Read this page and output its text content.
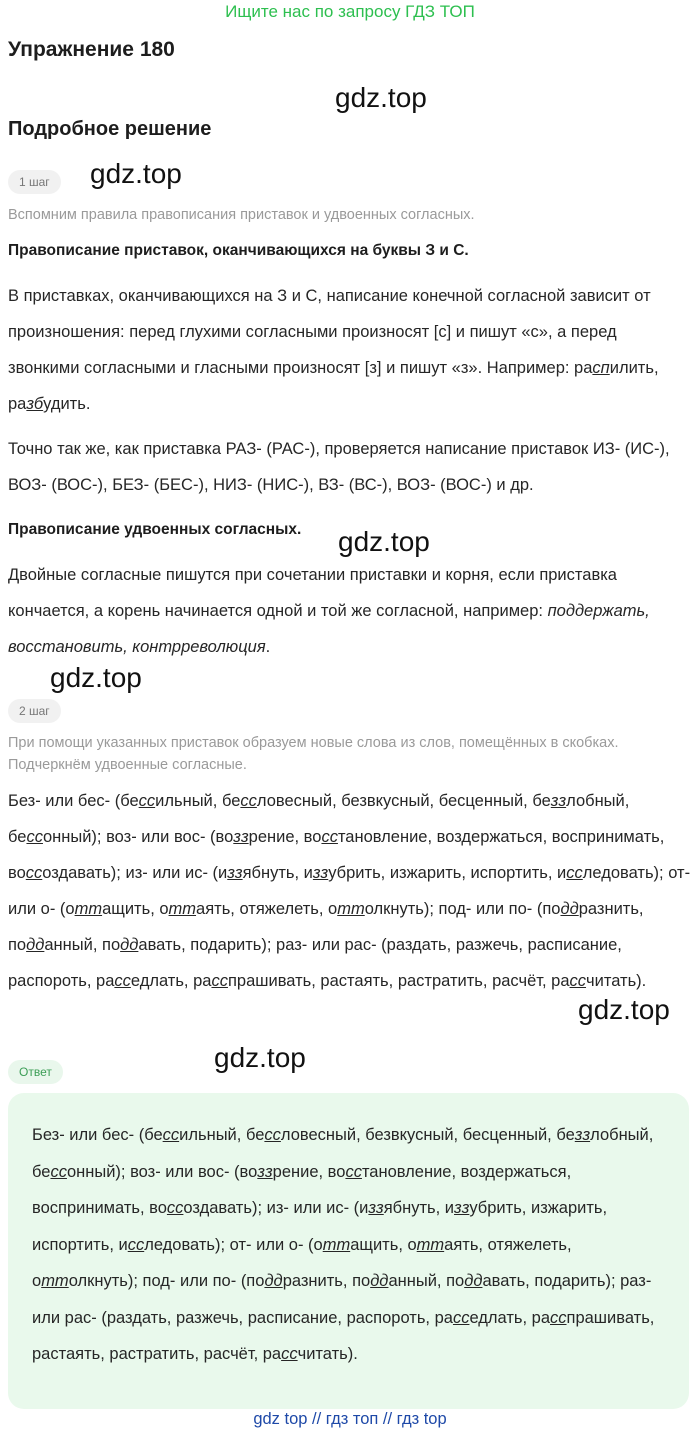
Ищите нас по запросу ГДЗ ТОП
Упражнение 180
gdz.top
Подробное решение
1 шаг	gdz.top
Вспомним правила правописания приставок и удвоенных согласных.
Правописание приставок, оканчивающихся на буквы З и С.
В приставках, оканчивающихся на З и С, написание конечной согласной зависит от произношения: перед глухими согласными произносят [с] и пишут «с», а перед звонкими согласными и гласными произносят [з] и пишут «з». Например: распилить, разбудить.
Точно так же, как приставка РАЗ- (РАС-), проверяется написание приставок ИЗ- (ИС-), ВОЗ- (ВОС-), БЕЗ- (БЕС-), НИЗ- (НИС-), ВЗ- (ВС-), ВОЗ- (ВОС-) и др.
Правописание удвоенных согласных. gdz.top
Двойные согласные пишутся при сочетании приставки и корня, если приставка кончается, а корень начинается одной и той же согласной, например: поддержать, восстановить, контрреволюция.
gdz.top
2 шаг
При помощи указанных приставок образуем новые слова из слов, помещённых в скобках. Подчеркнём удвоенные согласные.
Без- или бес- (бессильный, бессловесный, безвкусный, бесценный, беззлобный, бессонный); воз- или вос- (воззрение, восстановление, воздержаться, воспринимать, воссоздавать); из- или ис- (иззябнуть, иззубрить, изжарить, испортить, исследовать); от- или о- (оттащить, оттаять, отяжелеть, оттолкнуть); под- или по- (поддразнить, подданный, поддавать, подарить); раз- или рас- (раздать, разжечь, расписание, распороть, расседлать, расспрашивать, растаять, растратить, расчёт, рассчитать).
gdz.top
gdz.top
Ответ
Без- или бес- (бессильный, бессловесный, безвкусный, бесценный, беззлобный, бессонный); воз- или вос- (воззрение, восстановление, воздержаться, воспринимать, воссоздавать); из- или ис- (иззябнуть, иззубрить, изжарить, испортить, исследовать); от- или о- (оттащить, оттаять, отяжелеть, оттолкнуть); под- или по- (поддразнить, подданный, поддавать, подарить); раз- или рас- (раздать, разжечь, расписание, распороть, расседлать, расспрашивать, растаять, растратить, расчёт, рассчитать).
gdz top // гдз топ // гдз top
